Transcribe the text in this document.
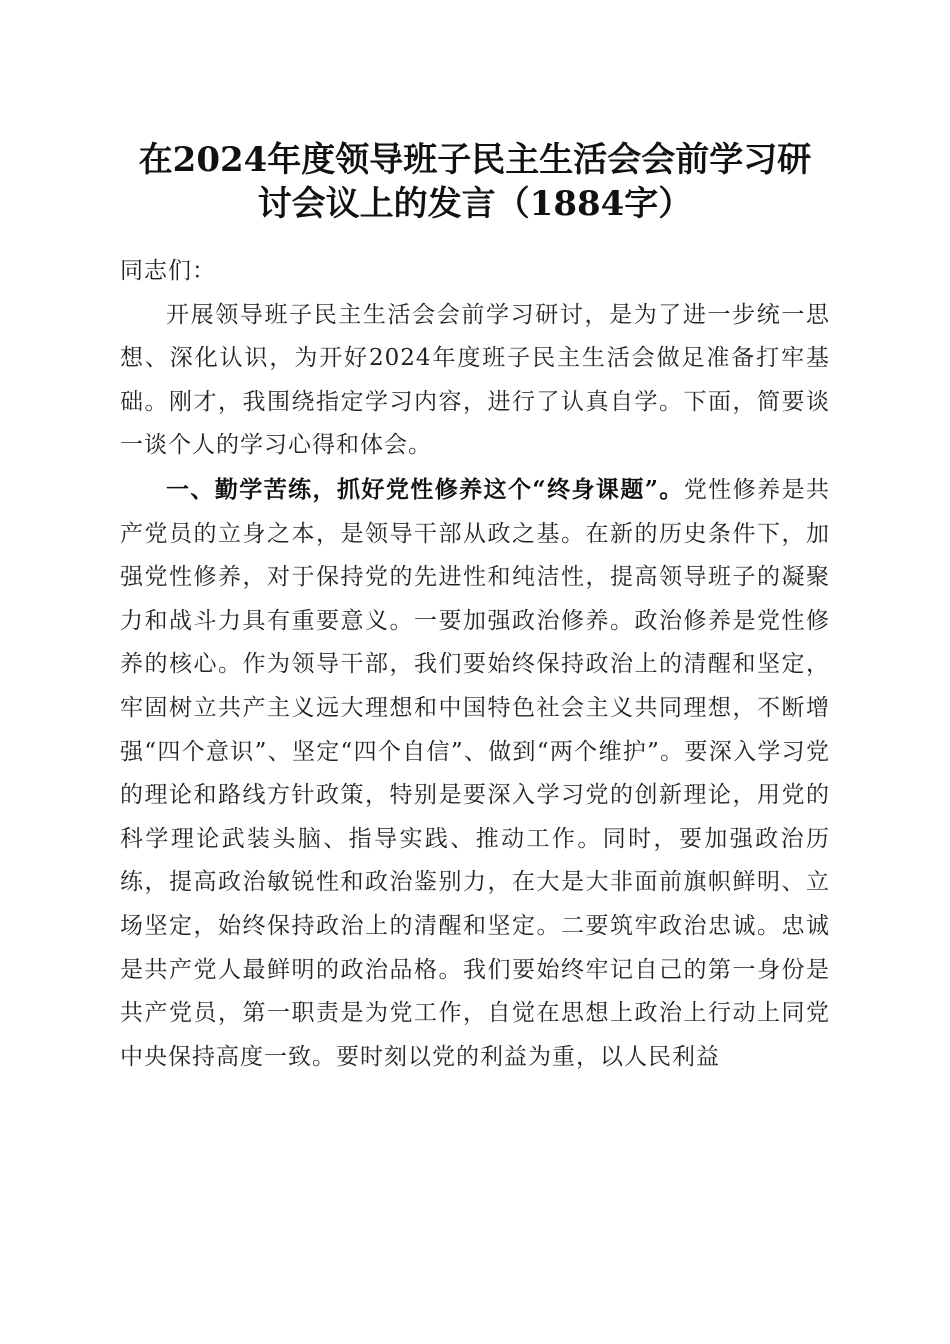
在2024年度领导班子民主生活会会前学习研
讨会议上的发言（1884字）

同志们：

开展领导班子民主生活会会前学习研讨，是为了进一步统一思想、深化认识，为开好2024年度班子民主生活会做足准备打牢基础。刚才，我围绕指定学习内容，进行了认真自学。下面，简要谈一谈个人的学习心得和体会。

一、勤学苦练，抓好党性修养这个“终身课题”。党性修养是共产党员的立身之本，是领导干部从政之基。在新的历史条件下，加强党性修养，对于保持党的先进性和纯洁性，提高领导班子的凝聚力和战斗力具有重要意义。一要加强政治修养。政治修养是党性修养的核心。作为领导干部，我们要始终保持政治上的清醒和坚定，牢固树立共产主义远大理想和中国特色社会主义共同理想，不断增强“四个意识”、坚定“四个自信”、做到“两个维护”。要深入学习党的理论和路线方针政策，特别是要深入学习党的创新理论，用党的科学理论武装头脑、指导实践、推动工作。同时，要加强政治历练，提高政治敏锐性和政治鉴别力，在大是大非面前旗帜鲜明、立场坚定，始终保持政治上的清醒和坚定。二要筑牢政治忠诚。忠诚是共产党人最鲜明的政治品格。我们要始终牢记自己的第一身份是共产党员，第一职责是为党工作，自觉在思想上政治上行动上同党中央保持高度一致。要时刻以党的利益为重，以人民利益
